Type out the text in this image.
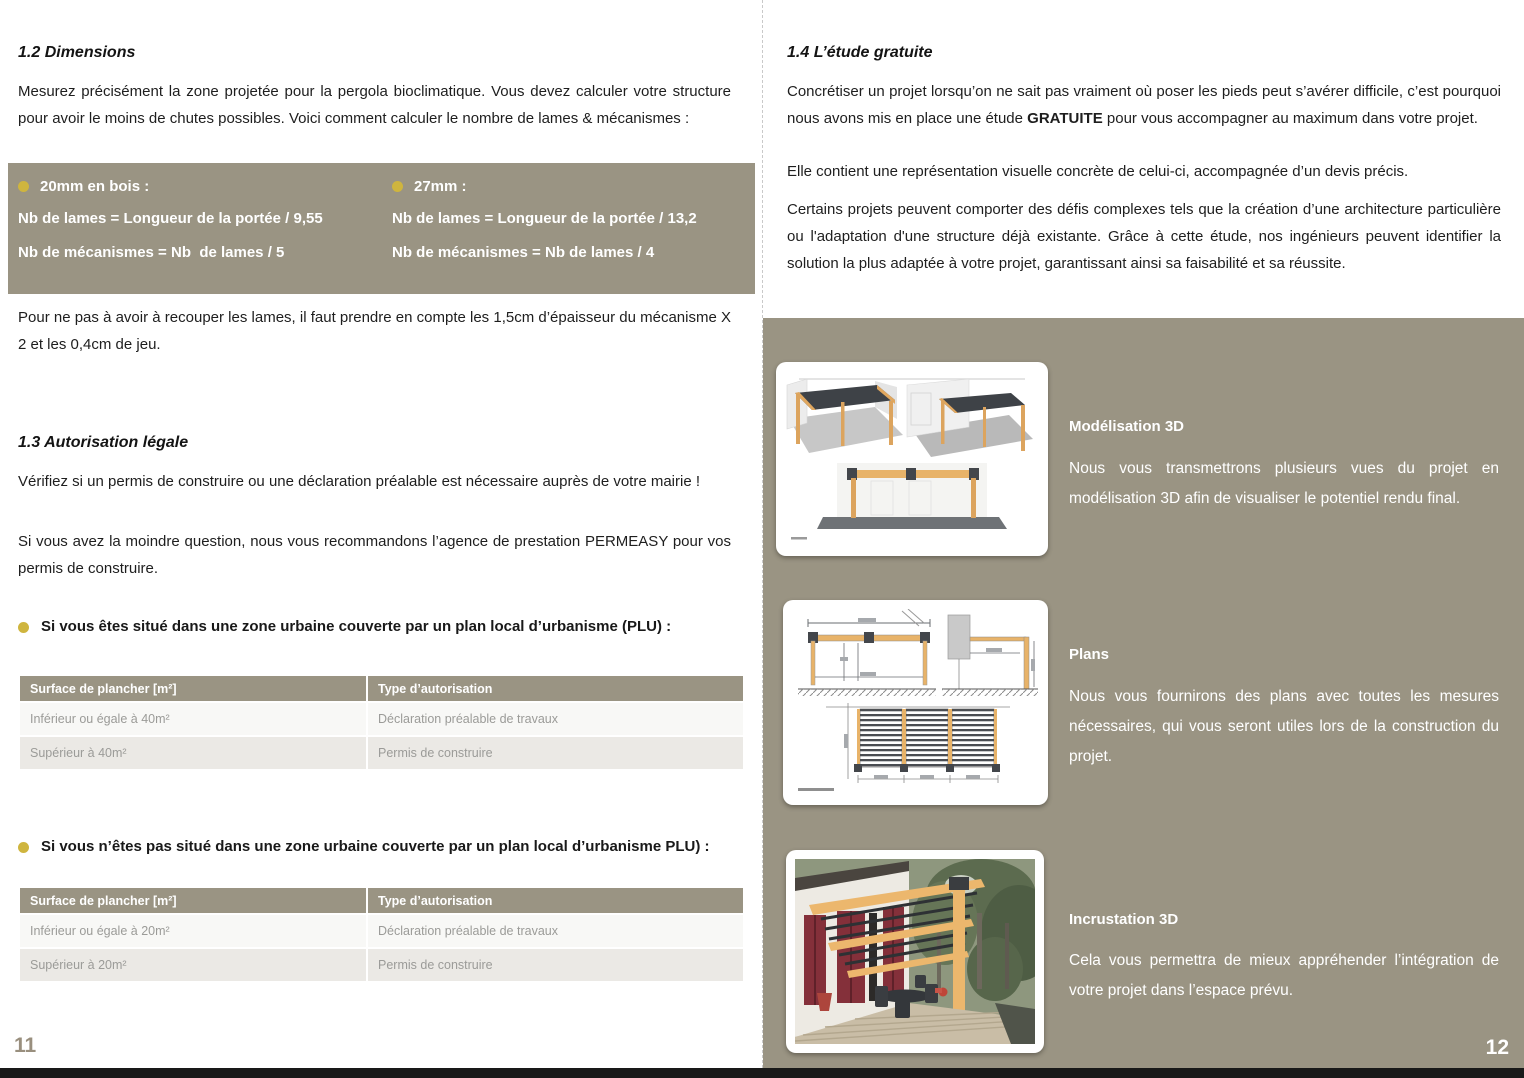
1.2 Dimensions

Mesurez précisément la zone projetée pour la pergola bioclimatique. Vous devez calculer votre structure pour avoir le moins de chutes possibles. Voici comment calculer le nombre de lames & mécanismes :

20mm en bois :
Nb de lames = Longueur de la portée / 9,55
Nb de mécanismes = Nb  de lames / 5
27mm :
Nb de lames = Longueur de la portée / 13,2
Nb de mécanismes = Nb de lames / 4

Pour ne pas à avoir à recouper les lames, il faut prendre en compte les 1,5cm d’épaisseur du mécanisme X 2 et les 0,4cm de jeu.

1.3 Autorisation légale

Vérifiez si un permis de construire ou une déclaration préalable est nécessaire auprès de votre mairie !

Si vous avez la moindre question, nous vous recommandons l’agence de prestation PERMEASY pour vos permis de construire.

Si vous êtes situé dans une zone urbaine couverte par un plan local d’urbanisme (PLU) :
Surface de plancher [m²]	Type d’autorisation
Inférieur ou égale à 40m²	Déclaration préalable de travaux
Supérieur à 40m²	Permis de construire
Si vous n’êtes pas situé dans une zone urbaine couverte par un plan local d’urbanisme PLU) :
Surface de plancher [m²]	Type d’autorisation
Inférieur ou égale à 20m²	Déclaration préalable de travaux
Supérieur à 20m²	Permis de construire
11
1.4 L’étude gratuite

Concrétiser un projet lorsqu’on ne sait pas vraiment où poser les pieds peut s’avérer difficile, c’est pourquoi nous avons mis en place une étude GRATUITE pour vous accompagner au maximum dans votre projet.

Elle contient une représentation visuelle concrète de celui-ci, accompagnée d’un devis précis.

Certains projets peuvent comporter des défis complexes tels que la création d’une architecture particulière ou l'adaptation d'une structure déjà existante. Grâce à cette étude, nos ingénieurs peuvent identifier la solution la plus adaptée à votre projet, garantissant ainsi sa faisabilité et sa réussite.

Modélisation 3D
Nous vous transmettrons plusieurs vues du projet en modélisation 3D afin de visualiser le potentiel rendu final.
Plans
Nous vous fournirons des plans avec toutes les mesures nécessaires, qui vous seront utiles lors de la construction du projet.
Incrustation 3D
Cela vous permettra de mieux appréhender l’intégration de votre projet dans l’espace prévu.
12
